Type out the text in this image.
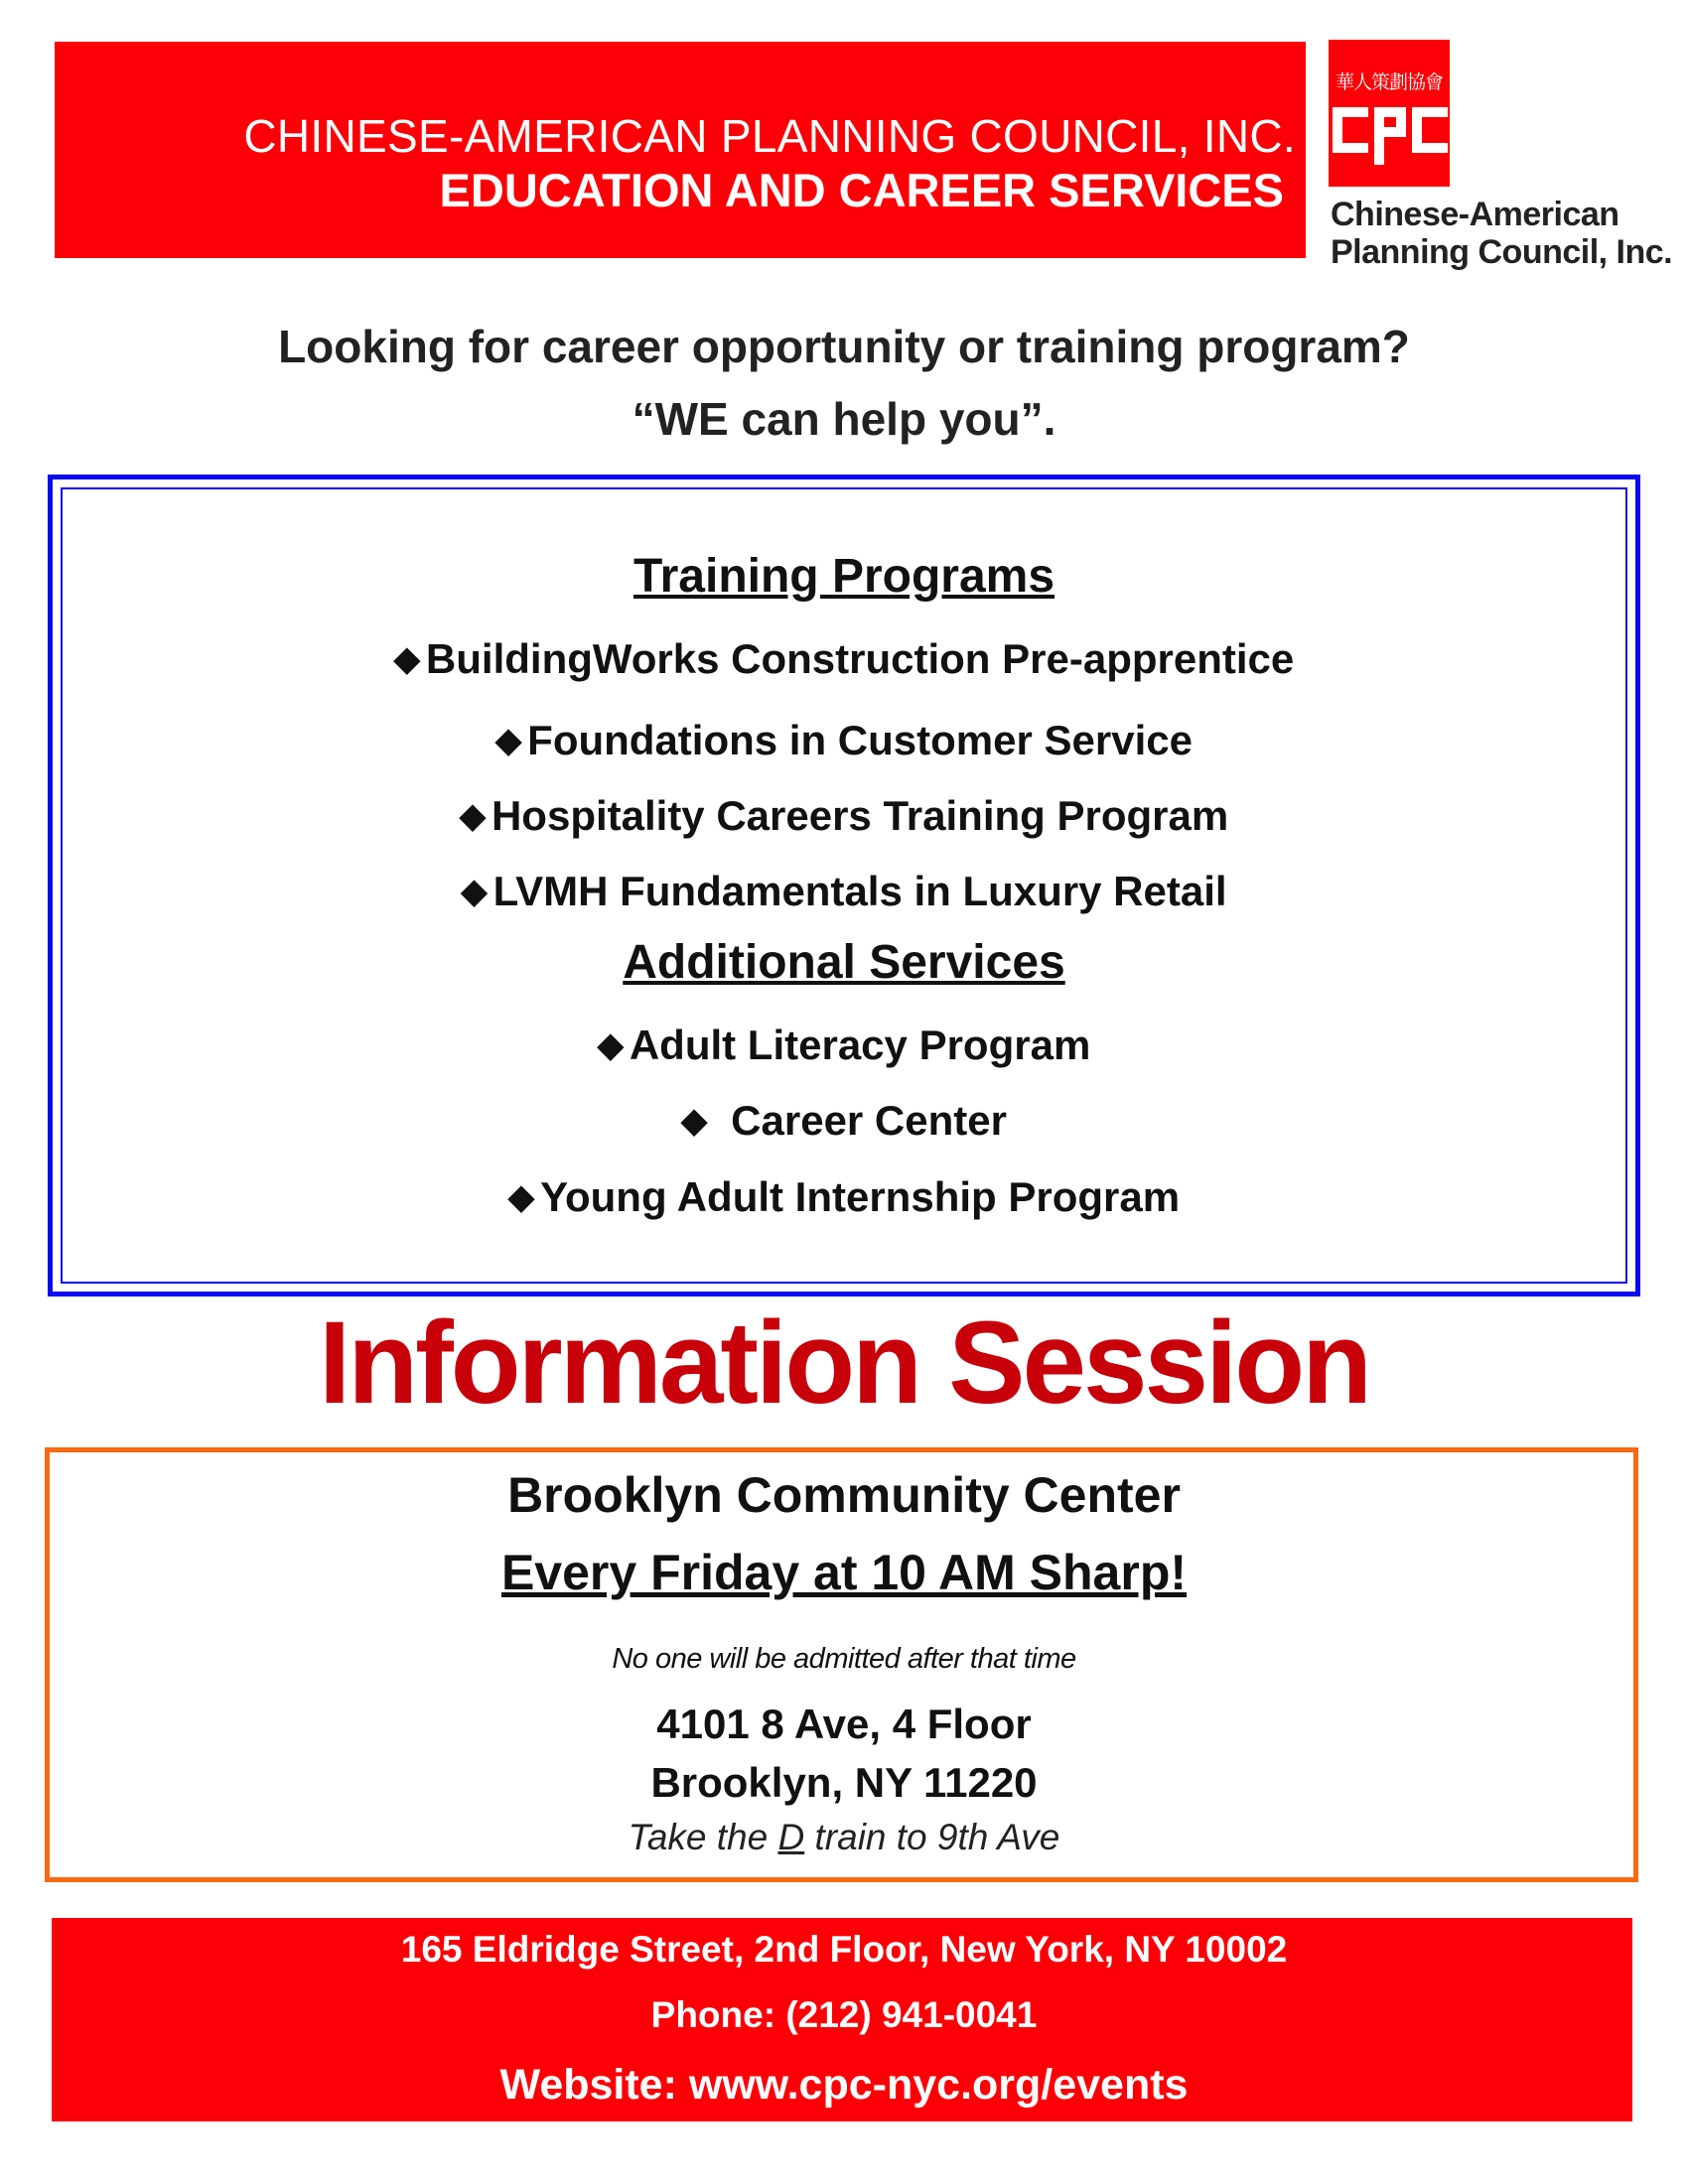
CHINESE-AMERICAN PLANNING COUNCIL, INC.
EDUCATION AND CAREER SERVICES

華人策劃協會

Chinese-American

Planning Council, Inc.

Looking for career opportunity or training program?

“WE can help you”.

Training Programs

◆ BuildingWorks Construction Pre-apprentice

◆ Foundations in Customer Service

◆ Hospitality Careers Training Program

◆ LVMH Fundamentals in Luxury Retail

Additional Services

◆ Adult Literacy Program

◆ Career Center

◆ Young Adult Internship Program

Information Session

Brooklyn Community Center

Every Friday at 10 AM Sharp!

No one will be admitted after that time

4101 8 Ave, 4 Floor

Brooklyn, NY 11220

Take the D train to 9th Ave

165 Eldridge Street, 2nd Floor, New York, NY 10002

Phone: (212) 941-0041

Website: www.cpc-nyc.org/events
